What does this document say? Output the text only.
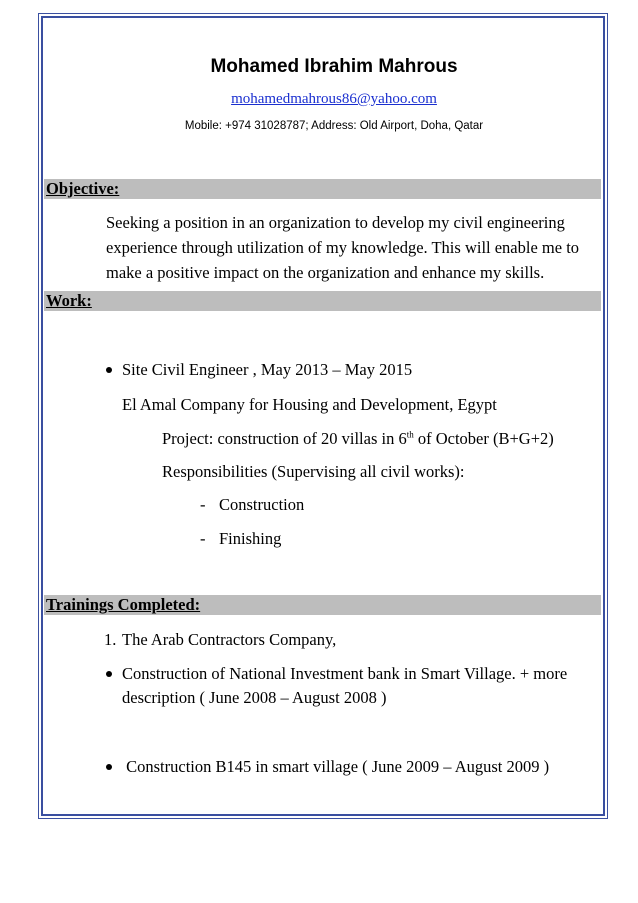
Mohamed Ibrahim Mahrous
mohamedmahrous86@yahoo.com
Mobile: +974 31028787; Address: Old Airport, Doha, Qatar
Objective:
Seeking a position in an organization to develop my civil engineering
experience through utilization of my knowledge. This will enable me to
make a positive impact on the organization and enhance my skills.
Work:
Site Civil Engineer , May 2013 – May 2015
El Amal Company for Housing and Development, Egypt
Project: construction of 20 villas in 6th of October (B+G+2)
Responsibilities (Supervising all civil works):
- Construction
- Finishing
Trainings Completed:
1. The Arab Contractors Company,
Construction of National Investment bank in Smart Village. + more
description ( June 2008 – August 2008 )
Construction B145 in smart village ( June 2009 – August 2009 )
